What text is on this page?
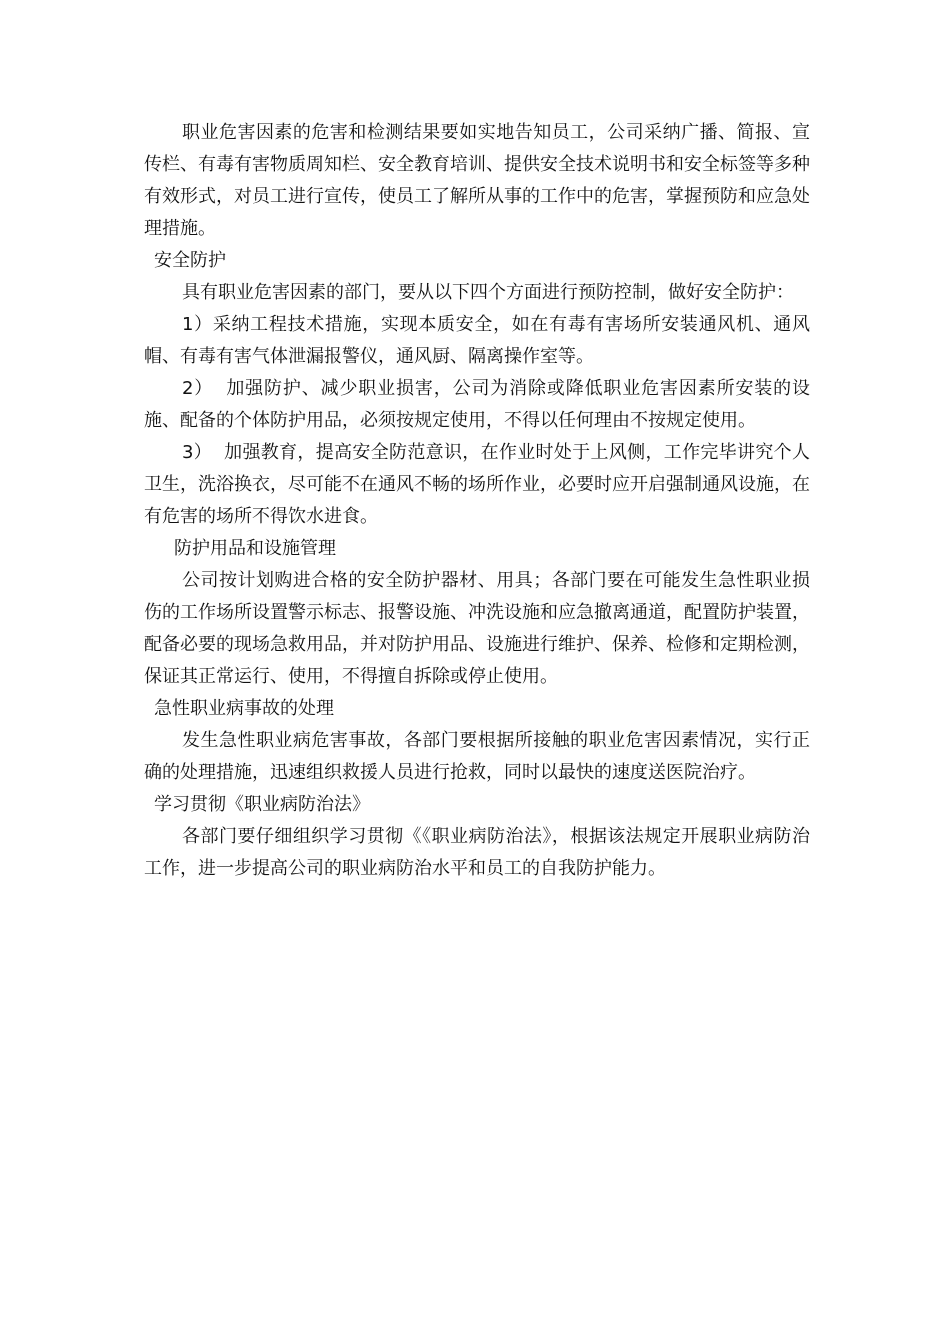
职业危害因素的危害和检测结果要如实地告知员工，公司采纳广播、简报、宣传栏、有毒有害物质周知栏、安全教育培训、提供安全技术说明书和安全标签等多种有效形式，对员工进行宣传，使员工了解所从事的工作中的危害，掌握预防和应急处理措施。

安全防护

具有职业危害因素的部门，要从以下四个方面进行预防控制，做好安全防护：

1）采纳工程技术措施，实现本质安全，如在有毒有害场所安装通风机、通风帽、有毒有害气体泄漏报警仪，通风厨、隔离操作室等。

2）  加强防护、减少职业损害，公司为消除或降低职业危害因素所安装的设施、配备的个体防护用品，必须按规定使用，不得以任何理由不按规定使用。

3）  加强教育，提高安全防范意识，在作业时处于上风侧，工作完毕讲究个人卫生，洗浴换衣，尽可能不在通风不畅的场所作业，必要时应开启强制通风设施，在有危害的场所不得饮水进食。

防护用品和设施管理

公司按计划购进合格的安全防护器材、用具；各部门要在可能发生急性职业损伤的工作场所设置警示标志、报警设施、冲洗设施和应急撤离通道，配置防护装置，配备必要的现场急救用品，并对防护用品、设施进行维护、保养、检修和定期检测，保证其正常运行、使用，不得擅自拆除或停止使用。

急性职业病事故的处理

发生急性职业病危害事故，各部门要根据所接触的职业危害因素情况，实行正确的处理措施，迅速组织救援人员进行抢救，同时以最快的速度送医院治疗。

学习贯彻《职业病防治法》

各部门要仔细组织学习贯彻《《职业病防治法》，根据该法规定开展职业病防治工作，进一步提高公司的职业病防治水平和员工的自我防护能力。
